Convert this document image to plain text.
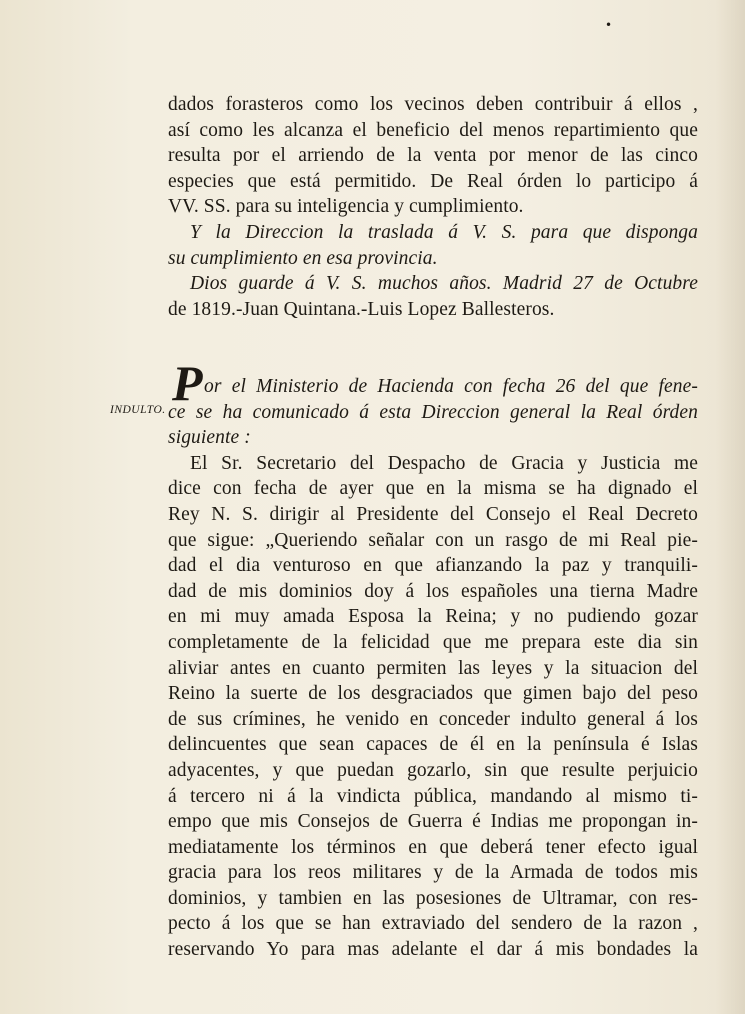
•
dados forasteros como los vecinos deben contribuir á ellos ,
así como les alcanza el beneficio del menos repartimiento que
resulta por el arriendo de la venta por menor de las cinco
especies que está permitido. De Real órden lo participo á
VV. SS. para su inteligencia y cumplimiento.
Y la Direccion la traslada á V. S. para que disponga
su cumplimiento en esa provincia.
Dios guarde á V. S. muchos años. Madrid 27 de Octubre
de 1819.-Juan Quintana.-Luis Lopez Ballesteros.
INDULTO. P or el Ministerio de Hacienda con fecha 26 del que fene-
ce se ha comunicado á esta Direccion general la Real órden
siguiente :
El Sr. Secretario del Despacho de Gracia y Justicia me
dice con fecha de ayer que en la misma se ha dignado el
Rey N. S. dirigir al Presidente del Consejo el Real Decreto
que sigue: „Queriendo señalar con un rasgo de mi Real pie-
dad el dia venturoso en que afianzando la paz y tranquili-
dad de mis dominios doy á los españoles una tierna Madre
en mi muy amada Esposa la Reina; y no pudiendo gozar
completamente de la felicidad que me prepara este dia sin
aliviar antes en cuanto permiten las leyes y la situacion del
Reino la suerte de los desgraciados que gimen bajo del peso
de sus crímines, he venido en conceder indulto general á los
delincuentes que sean capaces de él en la península é Islas
adyacentes, y que puedan gozarlo, sin que resulte perjuicio
á tercero ni á la vindicta pública, mandando al mismo ti-
empo que mis Consejos de Guerra é Indias me propongan in-
mediatamente los términos en que deberá tener efecto igual
gracia para los reos militares y de la Armada de todos mis
dominios, y tambien en las posesiones de Ultramar, con res-
pecto á los que se han extraviado del sendero de la razon ,
reservando Yo para mas adelante el dar á mis bondades la
